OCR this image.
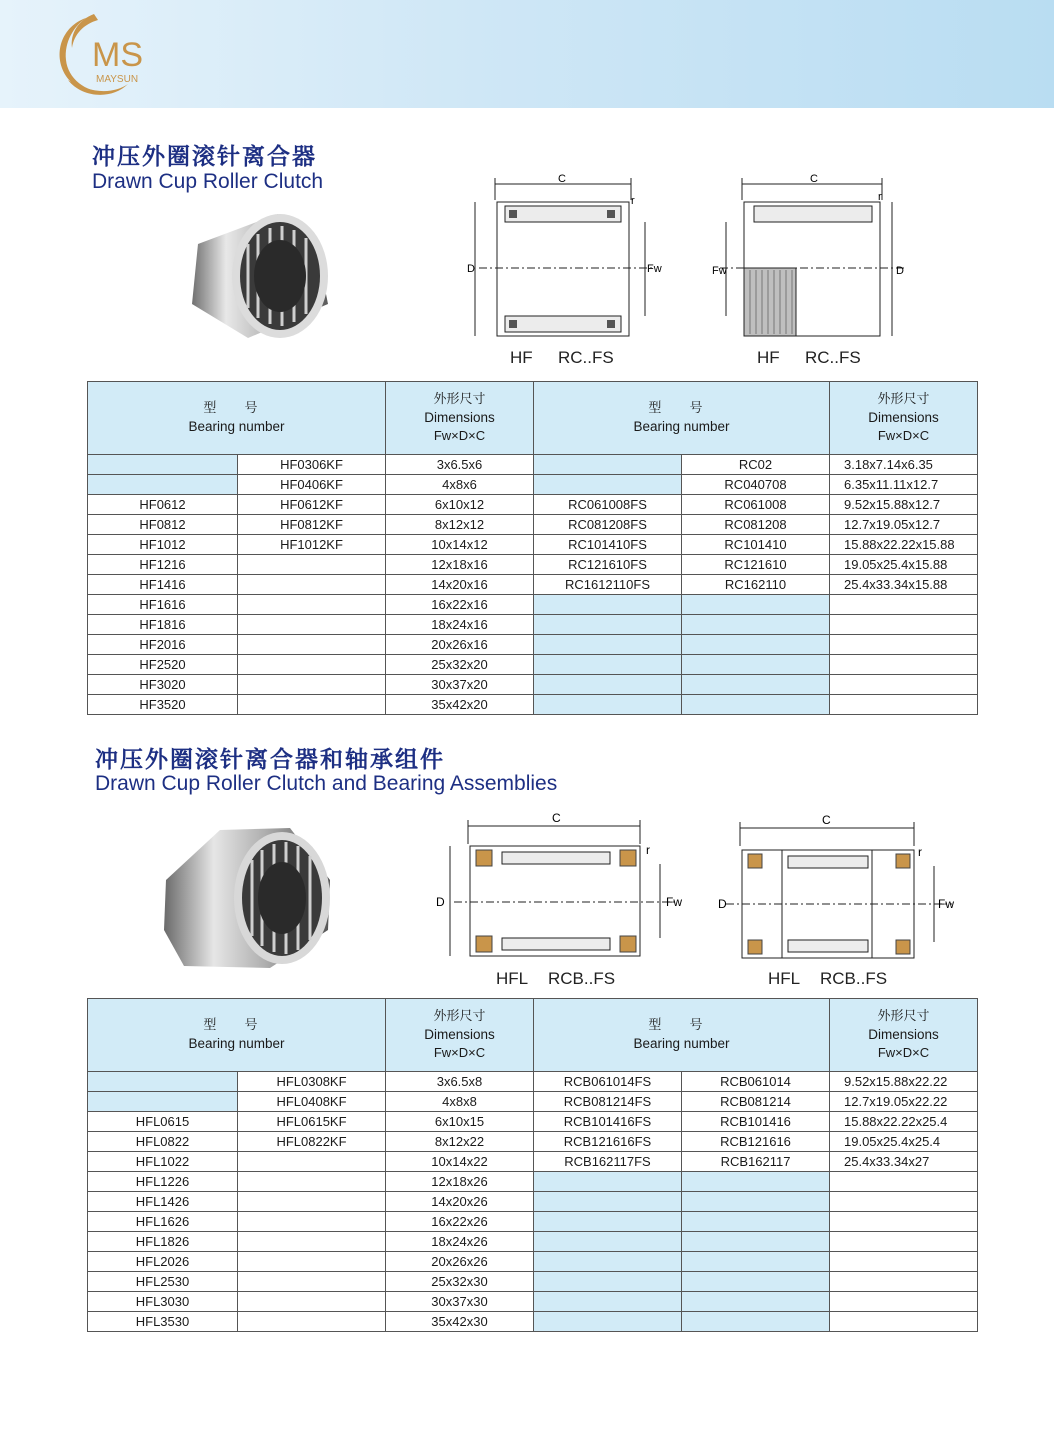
MS
MAYSUN
冲压外圈滚针离合器
Drawn Cup Roller Clutch	C
r
D	Fw
HF RC..FS
C
r
Fw	D
HF RC..FS
型 号
Bearing number		外形尺寸
Dimensions
Fw×D×C	型 号
Bearing number		外形尺寸
Dimensions
Fw×D×C

	HF0306KF	3x6.5x6		RC02	3.18x7.14x6.35
	HF0406KF	4x8x6		RC040708	6.35x11.11x12.7
HF0612	HF0612KF	6x10x12	RC061008FS	RC061008	9.52x15.88x12.7
HF0812	HF0812KF	8x12x12	RC081208FS	RC081208	12.7x19.05x12.7
HF1012	HF1012KF	10x14x12	RC101410FS	RC101410	15.88x22.22x15.88
HF1216		12x18x16	RC121610FS	RC121610	19.05x25.4x15.88
HF1416		14x20x16	RC1612110FS	RC162110	25.4x33.34x15.88
HF1616		16x22x16			
HF1816		18x24x16			
HF2016		20x26x16			
HF2520		25x32x20			
HF3020		30x37x20			
HF3520		35x42x20			
冲压外圈滚针离合器和轴承组件
Drawn Cup Roller Clutch and Bearing Assemblies
C
r
D	Fw
HFL RCB..FS
C
r
D	Fw
HFL RCB..FS
型 号
Bearing number		外形尺寸
Dimensions
Fw×D×C	型 号
Bearing number		外形尺寸
Dimensions
Fw×D×C

	HFL0308KF	3x6.5x8	RCB061014FS	RCB061014	9.52x15.88x22.22
	HFL0408KF	4x8x8	RCB081214FS	RCB081214	12.7x19.05x22.22
HFL0615	HFL0615KF	6x10x15	RCB101416FS	RCB101416	15.88x22.22x25.4
HFL0822	HFL0822KF	8x12x22	RCB121616FS	RCB121616	19.05x25.4x25.4
HFL1022		10x14x22	RCB162117FS	RCB162117	25.4x33.34x27
HFL1226		12x18x26			
HFL1426		14x20x26			
HFL1626		16x22x26			
HFL1826		18x24x26			
HFL2026		20x26x26			
HFL2530		25x32x30			
HFL3030		30x37x30			
HFL3530		35x42x30			
